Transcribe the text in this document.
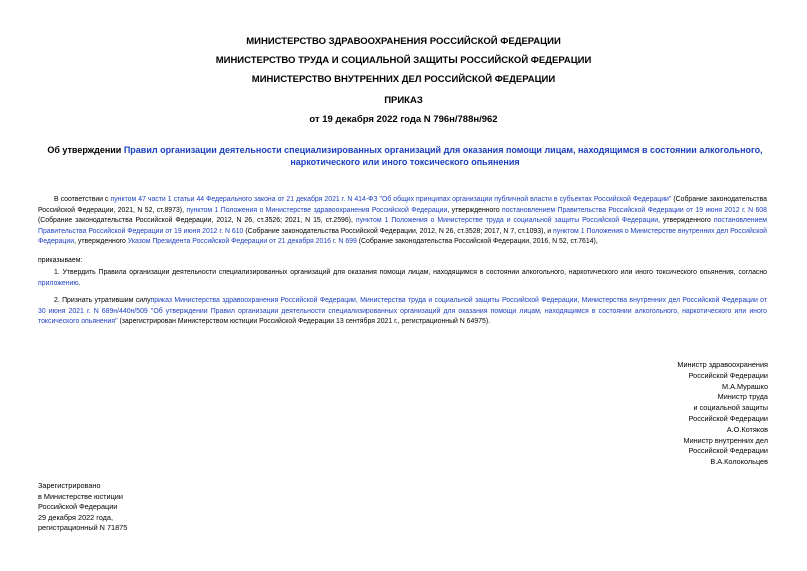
МИНИСТЕРСТВО ЗДРАВООХРАНЕНИЯ РОССИЙСКОЙ ФЕДЕРАЦИИ
МИНИСТЕРСТВО ТРУДА И СОЦИАЛЬНОЙ ЗАЩИТЫ РОССИЙСКОЙ ФЕДЕРАЦИИ
МИНИСТЕРСТВО ВНУТРЕННИХ ДЕЛ РОССИЙСКОЙ ФЕДЕРАЦИИ
ПРИКАЗ
от 19 декабря 2022 года N 796н/788н/962
Об утверждении Правил организации деятельности специализированных организаций для оказания помощи лицам, находящимся в состоянии алкогольного, наркотического или иного токсического опьянения
В соответствии с пунктом 47 части 1 статьи 44 Федерального закона от 21 декабря 2021 г. N 414-ФЗ "Об общих принципах организации публичной власти в субъектах Российской Федерации" (Собрание законодательства Российской Федерации, 2021, N 52, ст.8973), пунктом 1 Положения о Министерстве здравоохранения Российской Федерации, утвержденного постановлением Правительства Российской Федерации от 19 июня 2012 г. N 608 (Собрание законодательства Российской Федерации, 2012, N 26, ст.3526; 2021, N 15, ст.2596), пунктом 1 Положения о Министерстве труда и социальной защиты Российской Федерации, утвержденного постановлением Правительства Российской Федерации от 19 июня 2012 г. N 610 (Собрание законодательства Российской Федерации, 2012, N 26, ст.3528; 2017, N 7, ст.1093), и пунктом 1 Положения о Министерстве внутренних дел Российской Федерации, утвержденного Указом Президента Российской Федерации от 21 декабря 2016 г. N 699 (Собрание законодательства Российской Федерации, 2016, N 52, ст.7614),
приказываем:
1. Утвердить Правила организации деятельности специализированных организаций для оказания помощи лицам, находящимся в состоянии алкогольного, наркотического или иного токсического опьянения, согласно приложению.
2. Признать утратившим силуприказ Министерства здравоохранения Российской Федерации, Министерства труда и социальной защиты Российской Федерации, Министерства внутренних дел Российской Федерации от 30 июня 2021 г. N 689н/440н/509 "Об утверждении Правил организации деятельности специализированных организаций для оказания помощи лицам, находящимся в состоянии алкогольного, наркотического или иного токсического опьянения" (зарегистрирован Министерством юстиции Российской Федерации 13 сентября 2021 г., регистрационный N 64975).
Министр здравоохранения
Российской Федерации
М.А.Мурашко
Министр труда
и социальной защиты
Российской Федерации
А.О.Котяков
Министр внутренних дел
Российской Федерации
В.А.Колокольцев
Зарегистрировано
в Министерстве юстиции
Российской Федерации
29 декабря 2022 года,
регистрационный N 71875
